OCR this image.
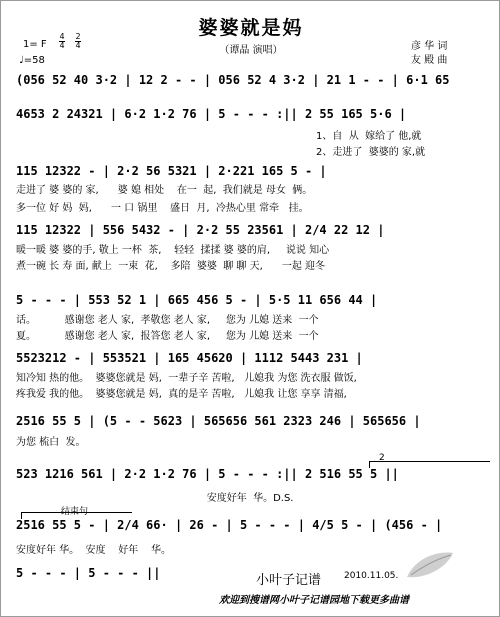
婆婆就是妈
（谭晶 演唱）	彦 华 词
友 殿 曲
1= F
4
4
2
4
♩=58
(056 52 40 3·2 | 12 2 - - | 056 52 4 3·2 | 21 1 - - | 6·1 65
4653 2 24321 | 6·2 1·2 76 | 5 - - - :|| 2 55 165 5·6 |
1、自  从  嫁给了 他,就
2、走进了  婆婆的 家,就
115 12322 - | 2·2 56 5321 | 2·221 165 5 - |
走进了 婆 婆的 家,      婆 媳 相处    在一  起,  我们就是 母女  俩。
多一位 好 妈  妈,      一 口 锅里    盛日  月,  冷热心里 常牵   挂。
115 12322 | 556 5432 - | 2·2 55 23561 | 2/4 22 12 |
暖一暖 婆 婆的手, 敬上 一杯  茶,    轻轻  揉揉 婆 婆的肩,     说说 知心
煮一碗 长 寿 面, 献上  一束  花,    多陪  婆婆  聊 聊 天,      一起 迎冬
5 - - - | 553 52 1 | 665 456 5 - | 5·5 11 656 44 |
话。         感谢您 老人 家,  孝敬您 老人 家,     您为 儿媳 送来  一个
夏。         感谢您 老人 家,  报答您 老人 家,     您为 儿媳 送来  一个
5523212 - | 553521 | 165 45620 | 1112 5443 231 |
知冷知 热的他。  婆婆您就是 妈,  一辈子辛 苦啦,   儿媳我 为您 洗衣服 做饭,
疼我爱 我的他。  婆婆您就是 妈,  真的是辛 苦啦,   儿媳我 让您 享享 清福,
2516 55 5 | (5 - - 5623 | 565656 561 2323 246 | 565656 |
为您 梳白  发。
2
523 1216 561 | 2·2 1·2 76 | 5 - - - :|| 2 516 55 5 ||
安度好年  华。D.S.
结束句
2516 55 5 - | 2/4 66· | 26 - | 5 - - - | 4/5 5 - | (456 - |
安度好年 华。  安度    好年    华。
5 - - - | 5 - - - ||	小叶子记谱	2010.11.05.
欢迎到搜谱网小叶子记谱园地下载更多曲谱
